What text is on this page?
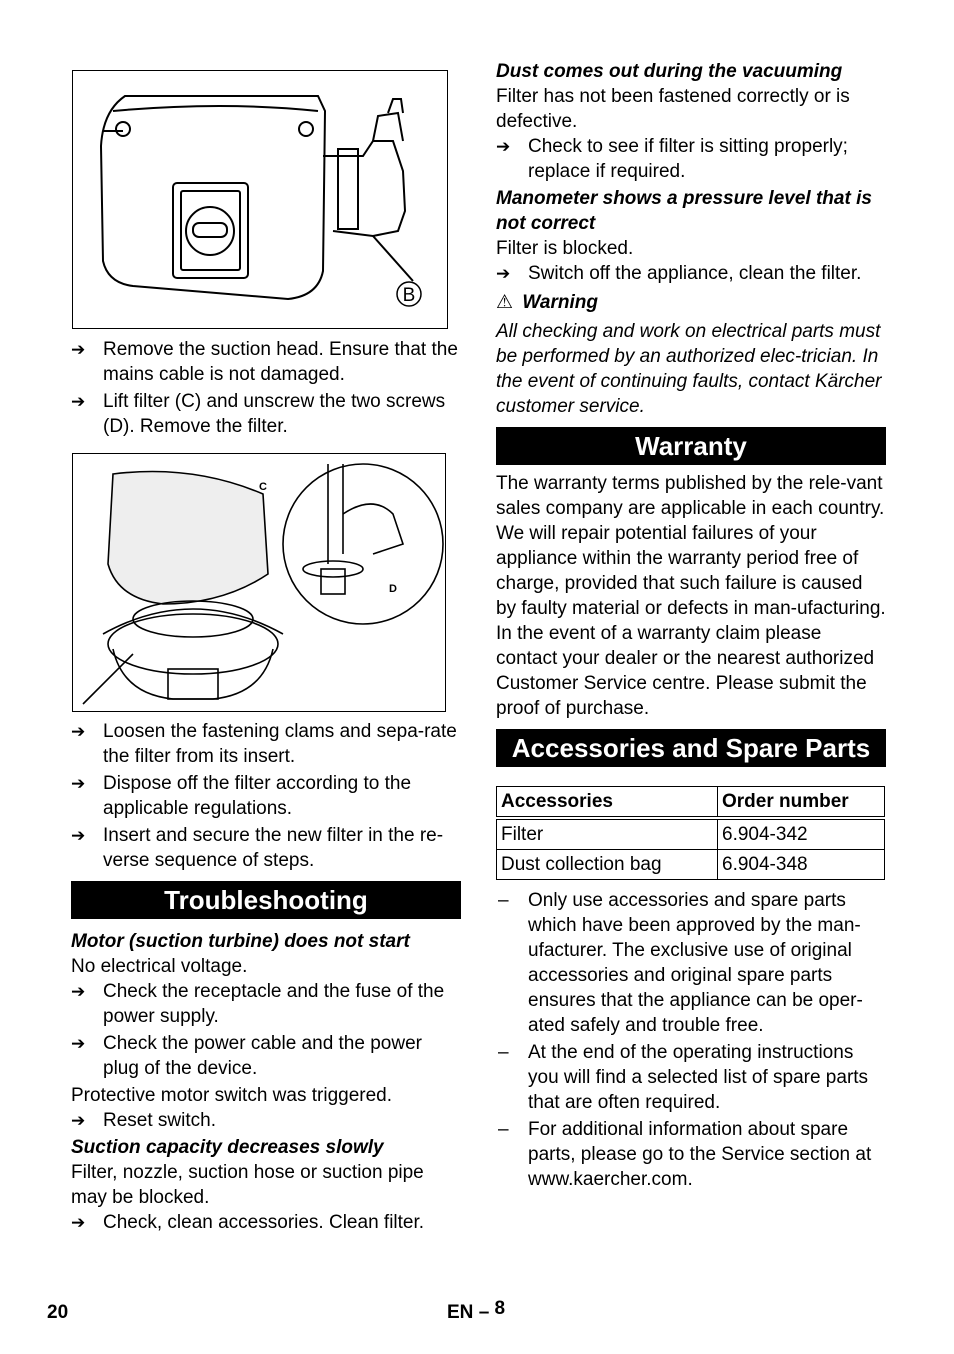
B
➔ Remove the suction head. Ensure that the mains cable is not damaged.
➔ Lift filter (C) and unscrew the two screws (D). Remove the filter.
C
D
➔ Loosen the fastening clams and sepa-rate the filter from its insert.
➔ Dispose off the filter according to the applicable regulations.
➔ Insert and secure the new filter in the re-verse sequence of steps.
Troubleshooting

Motor (suction turbine) does not start

No electrical voltage.

➔ Check the receptacle and the fuse of the power supply.
➔ Check the power cable and the power plug of the device.

Protective motor switch was triggered.

➔ Reset switch.

Suction capacity decreases slowly

Filter, nozzle, suction hose or suction pipe may be blocked.

➔ Check, clean accessories. Clean filter.

Dust comes out during the vacuuming

Filter has not been fastened correctly or is defective.

➔ Check to see if filter is sitting properly; replace if required.

Manometer shows a pressure level that is not correct

Filter is blocked.

➔ Switch off the appliance, clean the filter.

⚠ Warning

All checking and work on electrical parts must be performed by an authorized elec-trician. In the event of continuing faults, contact Kärcher customer service.

Warranty

The warranty terms published by the rele-vant sales company are applicable in each country. We will repair potential failures of your appliance within the warranty period free of charge, provided that such failure is caused by faulty material or defects in man-ufacturing. In the event of a warranty claim please contact your dealer or the nearest authorized Customer Service centre. Please submit the proof of purchase.

Accessories and Spare Parts
Accessories	Order number
Filter	6.904-342
Dust collection bag	6.904-348
– Only use accessories and spare parts which have been approved by the man-ufacturer. The exclusive use of original accessories and original spare parts ensures that the appliance can be oper-ated safely and trouble free.
– At the end of the operating instructions you will find a selected list of spare parts that are often required.
– For additional information about spare parts, please go to the Service section at www.kaercher.com.
20	EN – 8
